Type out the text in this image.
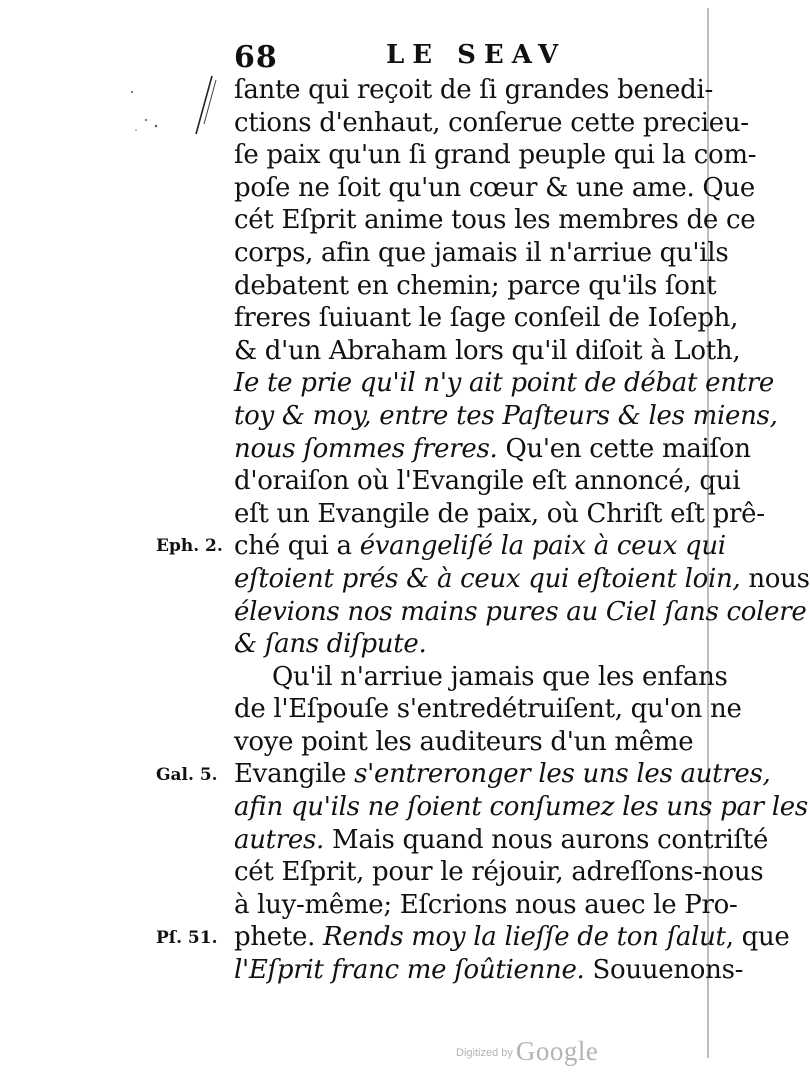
68	LE SEAV
ſante qui reçoit de ſi grandes benedi-
ctions d'enhaut, conſerue cette precieu-
ſe paix qu'un ſi grand peuple qui la com-
poſe ne ſoit qu'un cœur & une ame. Que
cét Eſprit anime tous les membres de ce
corps, afin que jamais il n'arriue qu'ils
debatent en chemin; parce qu'ils ſont
freres ſuiuant le ſage conſeil de Ioſeph,
& d'un Abraham lors qu'il diſoit à Loth,
Ie te prie qu'il n'y ait point de débat entre
toy & moy, entre tes Paſteurs & les miens,
nous ſommes freres. Qu'en cette maiſon
d'oraiſon où l'Evangile eſt annoncé, qui
eſt un Evangile de paix, où Chriſt eſt prê-
ché qui a évangeliſé la paix à ceux qui
eſtoient prés & à ceux qui eſtoient loin, nous
élevions nos mains pures au Ciel ſans colere
& ſans diſpute.
Qu'il n'arriue jamais que les enfans
de l'Eſpouſe s'entredétruiſent, qu'on ne
voye point les auditeurs d'un même
Evangile s'entreronger les uns les autres,
afin qu'ils ne ſoient conſumez les uns par les
autres. Mais quand nous aurons contriſté
cét Eſprit, pour le réjouir, adreſſons-nous
à luy-même; Eſcrions nous auec le Pro-
phete. Rends moy la lieſſe de ton ſalut, que
l'Eſprit franc me ſoûtienne. Souuenons-
Eph. 2.
Gal. 5.
Pſ. 51.
$^{Digitized by}$ Google
